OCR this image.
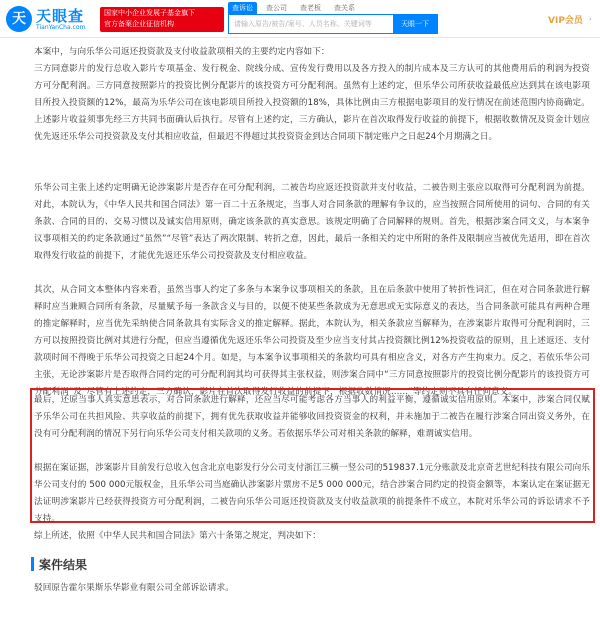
天 天眼查
TianYanCha.com
国家中小企业发展子基金旗下
官方备案企业征信机构
查诉讼	查公司	查老板	查关系
请输入原告/被告/案号、人员名称、关键词等
天眼一下	VIP会员 ›
本案中，与向乐华公司返还投资款及支付收益款项相关的主要约定内容如下：
三方同意影片的发行总收入影片专项基金、发行税金、院线分成、宣传发行费用以及各方投入的制片成本及三方认可的其他费用后的利润为投资方可分配利润。三方同意按照影片的投资比例分配影片的该投资方可分配利润。虽然有上述约定，但乐华公司所获收益最低应达到其在该电影项目所投入投资额的12%，最高为乐华公司在该电影项目所投入投资额的18%，具体比例由三方根据电影项目的发行情况在前述范围内协商确定。上述影片收益须事先经三方共同书面确认后执行。尽管有上述约定，三方确认，影片在首次取得发行收益的前提下，根据收数情况及资金计划应优先返还乐华公司投资款及支付其相应收益，但最迟不得超过其投资资金到达合同项下制定账户之日起24个月期满之日。
乐华公司主张上述约定明确无论涉案影片是否存在可分配利润，二被告均应返还投资款并支付收益，二被告则主张应以取得可分配利润为前提。对此，本院认为，《中华人民共和国合同法》第一百二十五条规定，当事人对合同条款的理解有争议的，应当按照合同所使用的词句、合同的有关条款、合同的目的、交易习惯以及诚实信用原则，确定该条款的真实意思。该规定明确了合同解释的规则。首先，根据涉案合同文义，与本案争议事项相关的约定条款通过“虽然”“尽管”表达了两次限制、转折之意，因此，最后一条相关约定中所附的条件及限制应当被优先适用，即在首次取得发行收益的前提下，才能优先返还乐华公司投资款及支付相应收益。
其次，从合同文本整体内容来看，虽然当事人约定了多条与本案争议事项相关的条款，且在后条款中使用了转折性词汇，但在对合同条款进行解释时应当兼顾合同所有条款，尽量赋予每一条款含义与目的，以便不使某些条款成为无意思或无实际意义的表达，当合同条款可能具有两种合理的推定解释时，应当优先采纳使合同条款具有实际含义的推定解释。据此，本院认为，相关条款应当解释为，在涉案影片取得可分配利润时，三方可以按照投资比例对其进行分配，但应当遵循优先返还乐华公司投资及至少应当支付其占投资额比例12%投资收益的原则，且上述返还、支付款项时间不得晚于乐华公司投资之日起24个月。如是，与本案争议事项相关的条款均可具有相应含义，对各方产生拘束力。反之，若依乐华公司主张，无论涉案影片是否取得合同约定的可分配利润其均可获得其主张权益，则涉案合同中“三方同意按照影片的投资比例分配影片的该投资方可分配利润”及“尽管有上述约定，三方确认，影片在首次取得发行收益的前提下，根据收数情况……”等约定则不具有任何意义。
最后，还原当事人真实意思表示，对合同条款进行解释，还应当尽可能考虑各方当事人的利益平衡，遵循诚实信用原则。本案中，涉案合同仅赋予乐华公司在共担风险、共享收益的前提下，拥有优先获取收益并能够收回投资资金的权利，并未施加于二被告在履行涉案合同出资义务外，在没有可分配利润的情况下另行向乐华公司支付相关款项的义务。若依据乐华公司对相关条款的解释，难谓诚实信用。
根据在案证据，涉案影片目前发行总收入包含北京电影发行分公司支付浙江三横一竖公司的519837.1元分账款及北京奇艺世纪科技有限公司向乐华公司支付的 500 000元版权金，且乐华公司当庭确认涉案影片票房不足5 000 000元，结合涉案合同约定的投资金额等，本案认定在案证据无法证明涉案影片已经获得投资方可分配利润，二被告向乐华公司返还投资款及支付收益款项的前提条件不成立，本院对乐华公司的诉讼请求不予支持。
综上所述，依照《中华人民共和国合同法》第六十条第之规定，判决如下：
案件结果
驳回原告霍尔果斯乐华影业有限公司全部诉讼请求。
